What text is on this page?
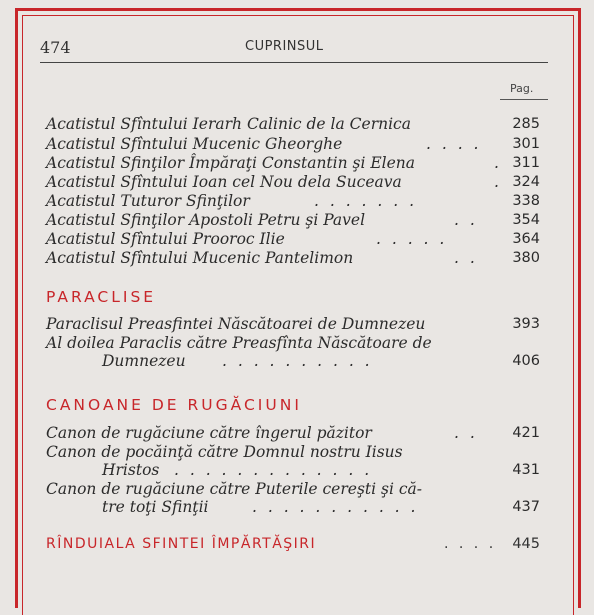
474	CUPRINSUL
Pag.
Acatistul Sfîntului Ierarh Calinic de la Cernica	285
Acatistul Sfîntului Mucenic Gheorghe	. . . . 301
Acatistul Sfinţilor Împăraţi Constantin şi Elena	. 311
Acatistul Sfîntului Ioan cel Nou dela Suceava	. 324
Acatistul Tuturor Sfinţilor	. . . . . . .	338
Acatistul Sfinţilor Apostoli Petru şi Pavel	. . 354
Acatistul Sfîntului Prooroc Ilie	. . . . .	364
Acatistul Sfîntului Mucenic Pantelimon	. . 380
PARACLISE
Paraclisul Preasfintei Născătoarei de Dumnezeu	393
Al doilea Paraclis către Preasfînta Născătoare de
Dumnezeu . . . . . . . . . .	406
CANOANE DE RUGĂCIUNI
Canon de rugăciune către îngerul păzitor	. . 421
Canon de pocăinţă către Domnul nostru Iisus
Hristos . . . . . . . . . . . . .	431
Canon de rugăciune către Puterile cereşti şi că-
tre toţi Sfinţii	. . . . . . . . . . .	437
RÎNDUIALA SFINTEI ÎMPĂRTĂŞIRI	. . . . 445
